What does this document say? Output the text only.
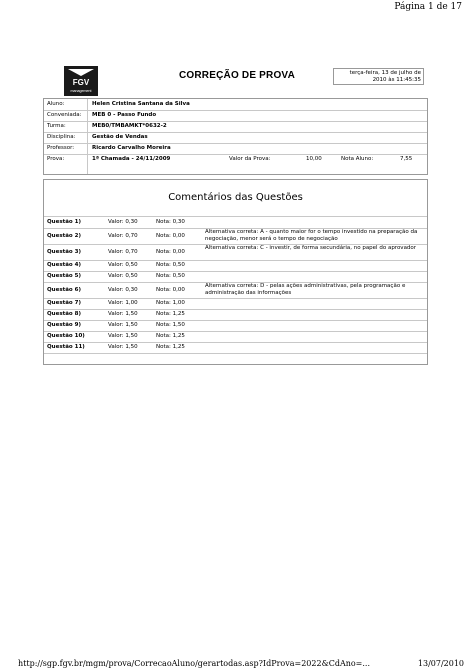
Página 1 de 17
FGV
management
CORREÇÃO DE PROVA	terça-feira, 13 de julho de
2010 às 11:45:35
Aluno:	Helen Cristina Santana da Silva
Conveniada: MEB 0 - Passo Fundo
Turma:	MEB0/TMBAMKT*0632-2
Disciplina:	Gestão de Vendas
Professor:	Ricardo Carvalho Moreira
Prova:	1ª Chamada - 24/11/2009	Valor da Prova:	10,00	Nota Aluno:	7,55
Comentários das Questões
Questão 1)	Valor: 0,30	Nota: 0,30
Questão 2)	Valor: 0,70	Nota: 0,00
Alternativa correta: A - quanto maior for o tempo investido na preparação da negociação, menor será o tempo de negociação
Questão 3)	Valor: 0,70	Nota: 0,00
Alternativa correta: C - investir, de forma secundária, no papel do aprovador
Questão 4)	Valor: 0,50	Nota: 0,50
Questão 5)	Valor: 0,50	Nota: 0,50
Questão 6)	Valor: 0,30	Nota: 0,00
Alternativa correta: D - pelas ações administrativas, pela programação e administração das informações
Questão 7)	Valor: 1,00	Nota: 1,00
Questão 8)	Valor: 1,50	Nota: 1,25
Questão 9)	Valor: 1,50	Nota: 1,50
Questão 10)	Valor: 1,50	Nota: 1,25
Questão 11)	Valor: 1,50	Nota: 1,25
http://sgp.fgv.br/mgm/prova/CorrecaoAluno/gerartodas.asp?IdProva=2022&CdAno=...	13/07/2010
